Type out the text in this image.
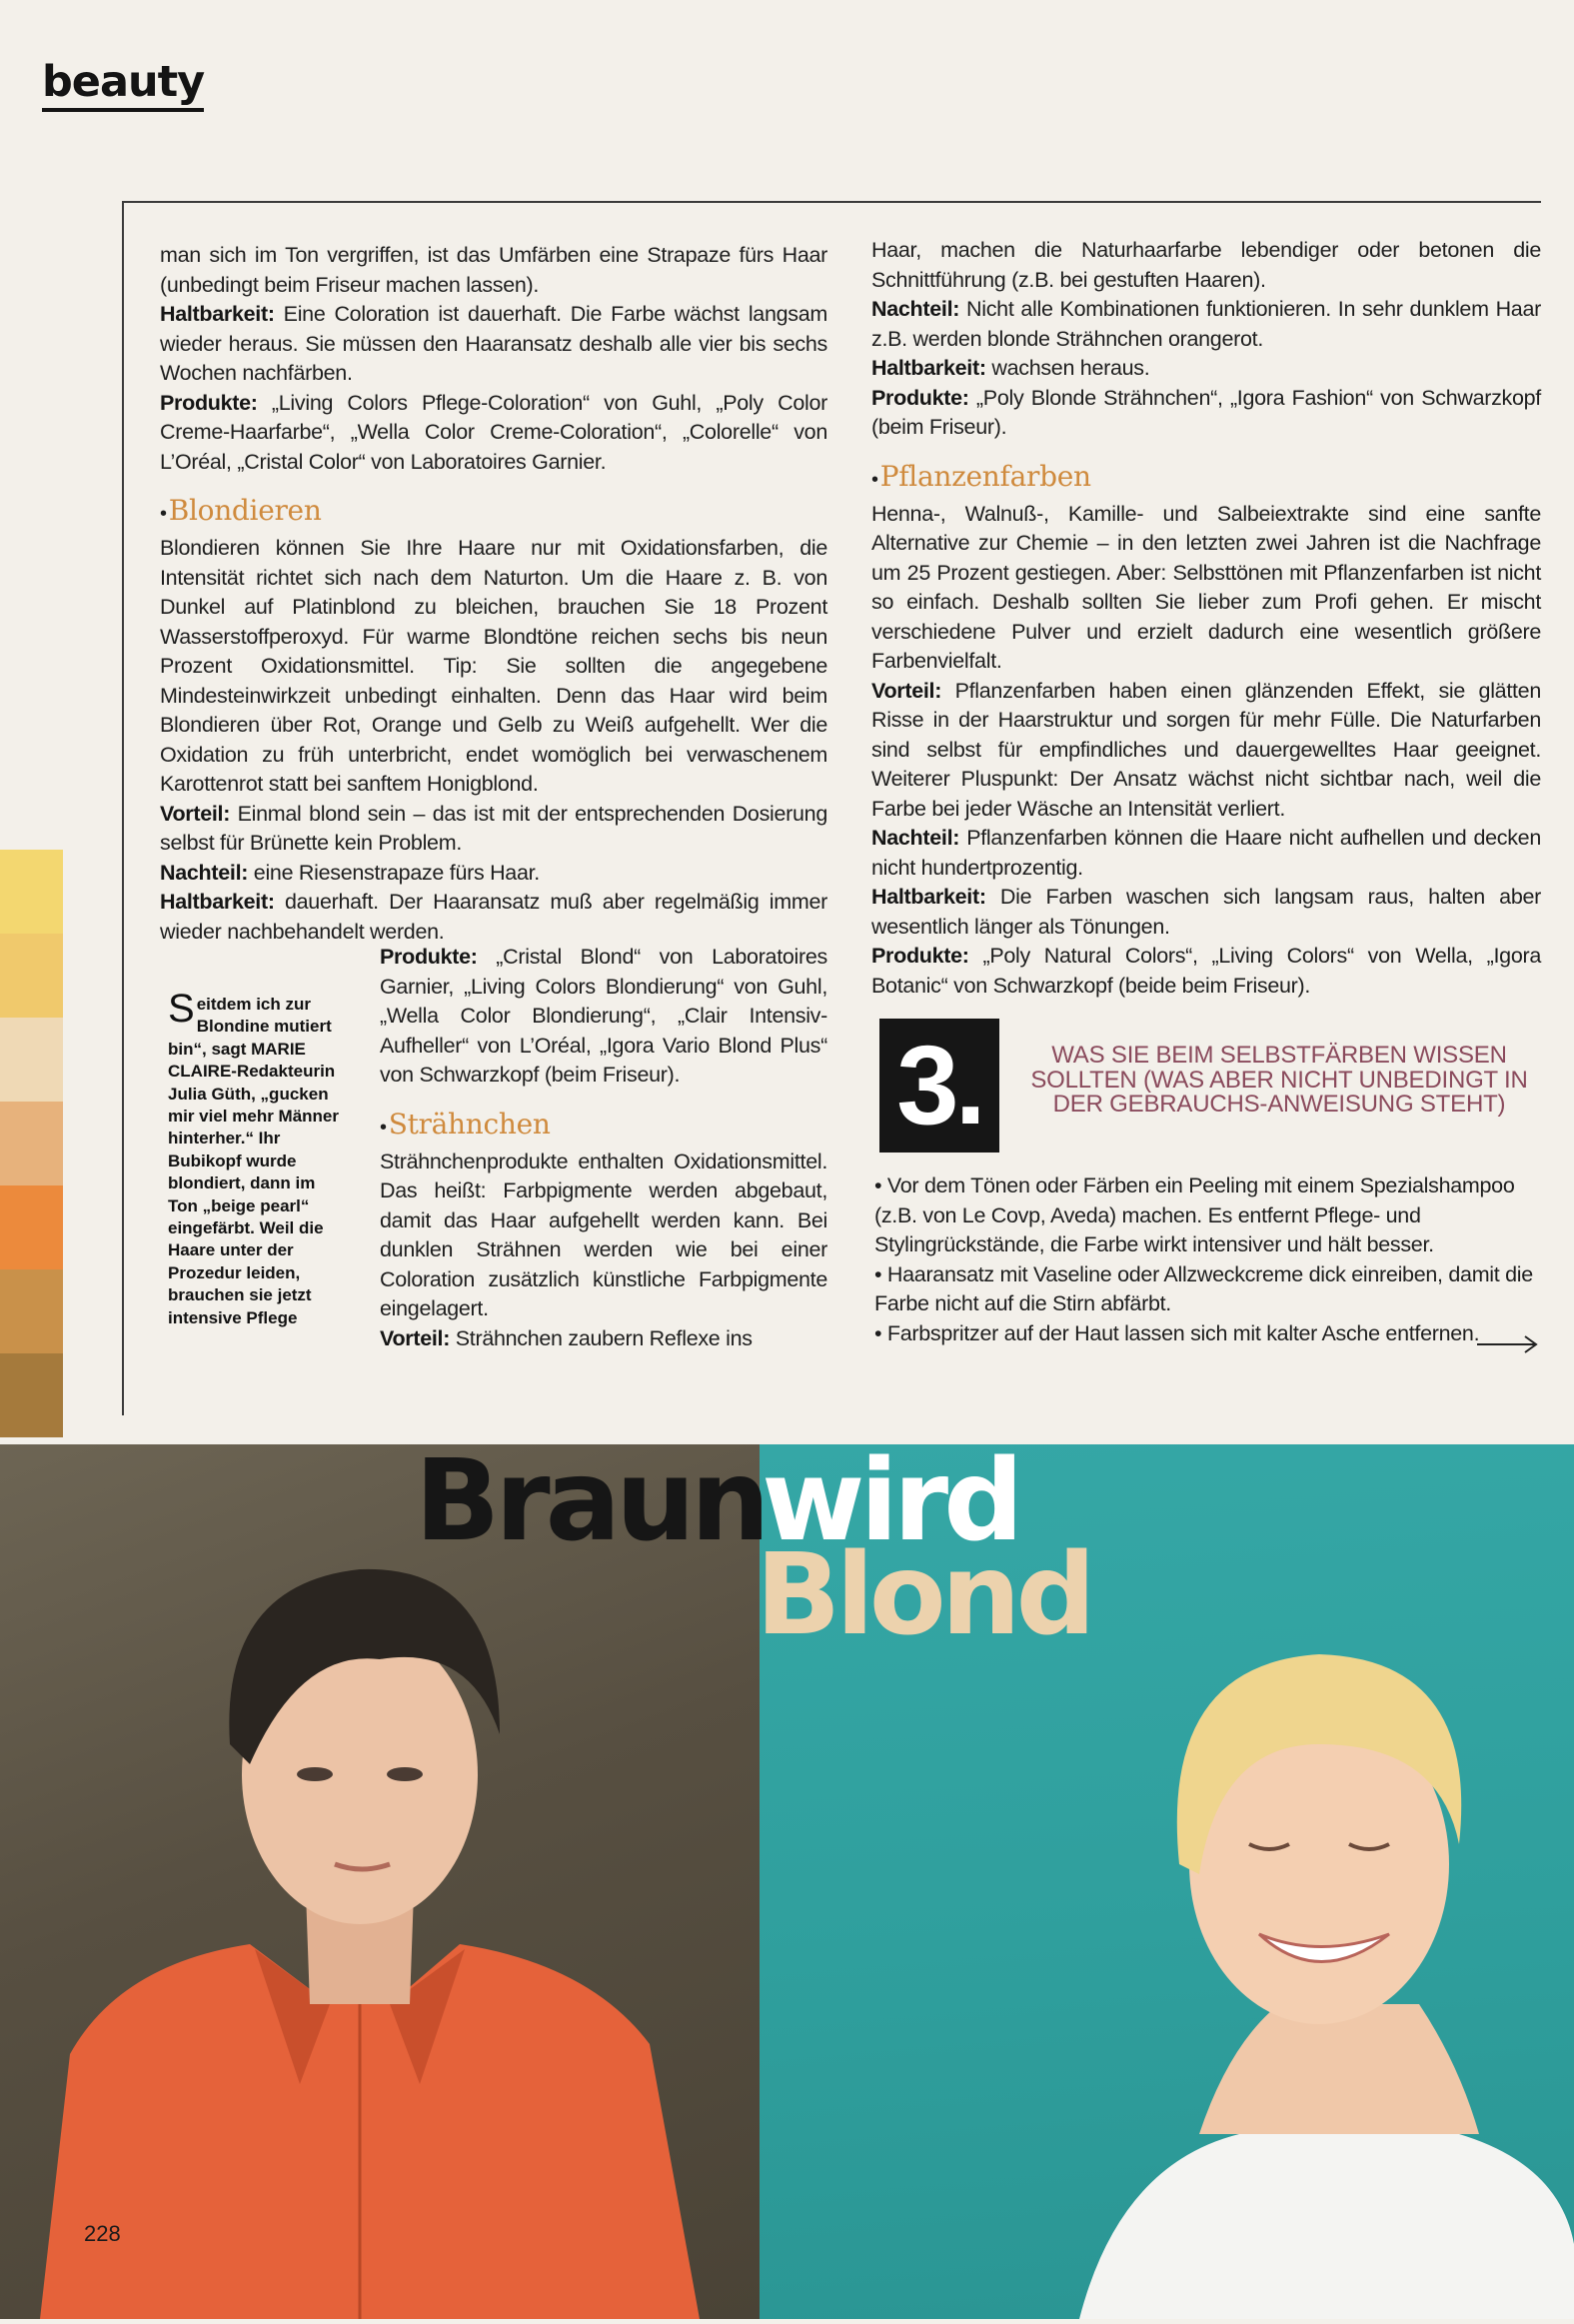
beauty

man sich im Ton vergriffen, ist das Umfärben eine Strapaze fürs Haar (unbedingt beim Friseur machen lassen).

Haltbarkeit: Eine Coloration ist dauerhaft. Die Farbe wächst langsam wieder heraus. Sie müssen den Haaransatz deshalb alle vier bis sechs Wochen nachfärben.

Produkte: „Living Colors Pflege-Coloration“ von Guhl, „Poly Color Creme-Haarfarbe“, „Wella Color Creme-Coloration“, „Colorelle“ von L’Oréal, „Cristal Color“ von Laboratoires Garnier.

•Blondieren

Blondieren können Sie Ihre Haare nur mit Oxidationsfarben, die Intensität richtet sich nach dem Naturton. Um die Haare z. B. von Dunkel auf Platinblond zu bleichen, brauchen Sie 18 Prozent Wasserstoffperoxyd. Für warme Blondtöne reichen sechs bis neun Prozent Oxidationsmittel. Tip: Sie sollten die angegebene Mindesteinwirkzeit unbedingt einhalten. Denn das Haar wird beim Blondieren über Rot, Orange und Gelb zu Weiß aufgehellt. Wer die Oxidation zu früh unterbricht, endet womöglich bei verwaschenem Karottenrot statt bei sanftem Honigblond.

Vorteil: Einmal blond sein – das ist mit der entsprechenden Dosierung selbst für Brünette kein Problem.

Nachteil: eine Riesenstrapaze fürs Haar.

Haltbarkeit: dauerhaft. Der Haaransatz muß aber regelmäßig immer wieder nachbehandelt werden.

Seitdem ich zur Blondine mutiert bin“, sagt MARIE CLAIRE-Redakteurin Julia Güth, „gucken mir viel mehr Männer hinterher.“ Ihr Bubikopf wurde blondiert, dann im Ton „beige pearl“ eingefärbt. Weil die Haare unter der Prozedur leiden, brauchen sie jetzt intensive Pflege

Produkte: „Cristal Blond“ von Laboratoires Garnier, „Living Colors Blondierung“ von Guhl, „Wella Color Blondierung“, „Clair Intensiv-Aufheller“ von L’Oréal, „Igora Vario Blond Plus“ von Schwarzkopf (beim Friseur).

•Strähnchen

Strähnchenprodukte enthalten Oxidationsmittel. Das heißt: Farbpigmente werden abgebaut, damit das Haar aufgehellt werden kann. Bei dunklen Strähnen werden wie bei einer Coloration zusätzlich künstliche Farbpigmente eingelagert.

Vorteil: Strähnchen zaubern Reflexe ins

Haar, machen die Naturhaarfarbe lebendiger oder betonen die Schnittführung (z.B. bei gestuften Haaren).

Nachteil: Nicht alle Kombinationen funktionieren. In sehr dunklem Haar z.B. werden blonde Strähnchen orangerot.

Haltbarkeit: wachsen heraus.

Produkte: „Poly Blonde Strähnchen“, „Igora Fashion“ von Schwarzkopf (beim Friseur).

•Pflanzenfarben

Henna-, Walnuß-, Kamille- und Salbeiextrakte sind eine sanfte Alternative zur Chemie – in den letzten zwei Jahren ist die Nachfrage um 25 Prozent gestiegen. Aber: Selbsttönen mit Pflanzenfarben ist nicht so einfach. Deshalb sollten Sie lieber zum Profi gehen. Er mischt verschiedene Pulver und erzielt dadurch eine wesentlich größere Farbenvielfalt.

Vorteil: Pflanzenfarben haben einen glänzenden Effekt, sie glätten Risse in der Haarstruktur und sorgen für mehr Fülle. Die Naturfarben sind selbst für empfindliches und dauergewelltes Haar geeignet. Weiterer Pluspunkt: Der Ansatz wächst nicht sichtbar nach, weil die Farbe bei jeder Wäsche an Intensität verliert.

Nachteil: Pflanzenfarben können die Haare nicht aufhellen und decken nicht hundertprozentig.

Haltbarkeit: Die Farben waschen sich langsam raus, halten aber wesentlich länger als Tönungen.

Produkte: „Poly Natural Colors“, „Living Colors“ von Wella, „Igora Botanic“ von Schwarzkopf (beide beim Friseur).

3.	WAS SIE BEIM SELBSTFÄRBEN WISSEN SOLLTEN (WAS ABER NICHT UNBEDINGT IN DER GEBRAUCHS-ANWEISUNG STEHT)

• Vor dem Tönen oder Färben ein Peeling mit einem Spezialshampoo (z.B. von Le Covp, Aveda) machen. Es entfernt Pflege- und Stylingrückstände, die Farbe wirkt intensiver und hält besser.

• Haaransatz mit Vaseline oder Allzweckcreme dick einreiben, damit die Farbe nicht auf die Stirn abfärbt.

• Farbspritzer auf der Haut lassen sich mit kalter Asche entfernen.

Braun
wird
Blond
228
